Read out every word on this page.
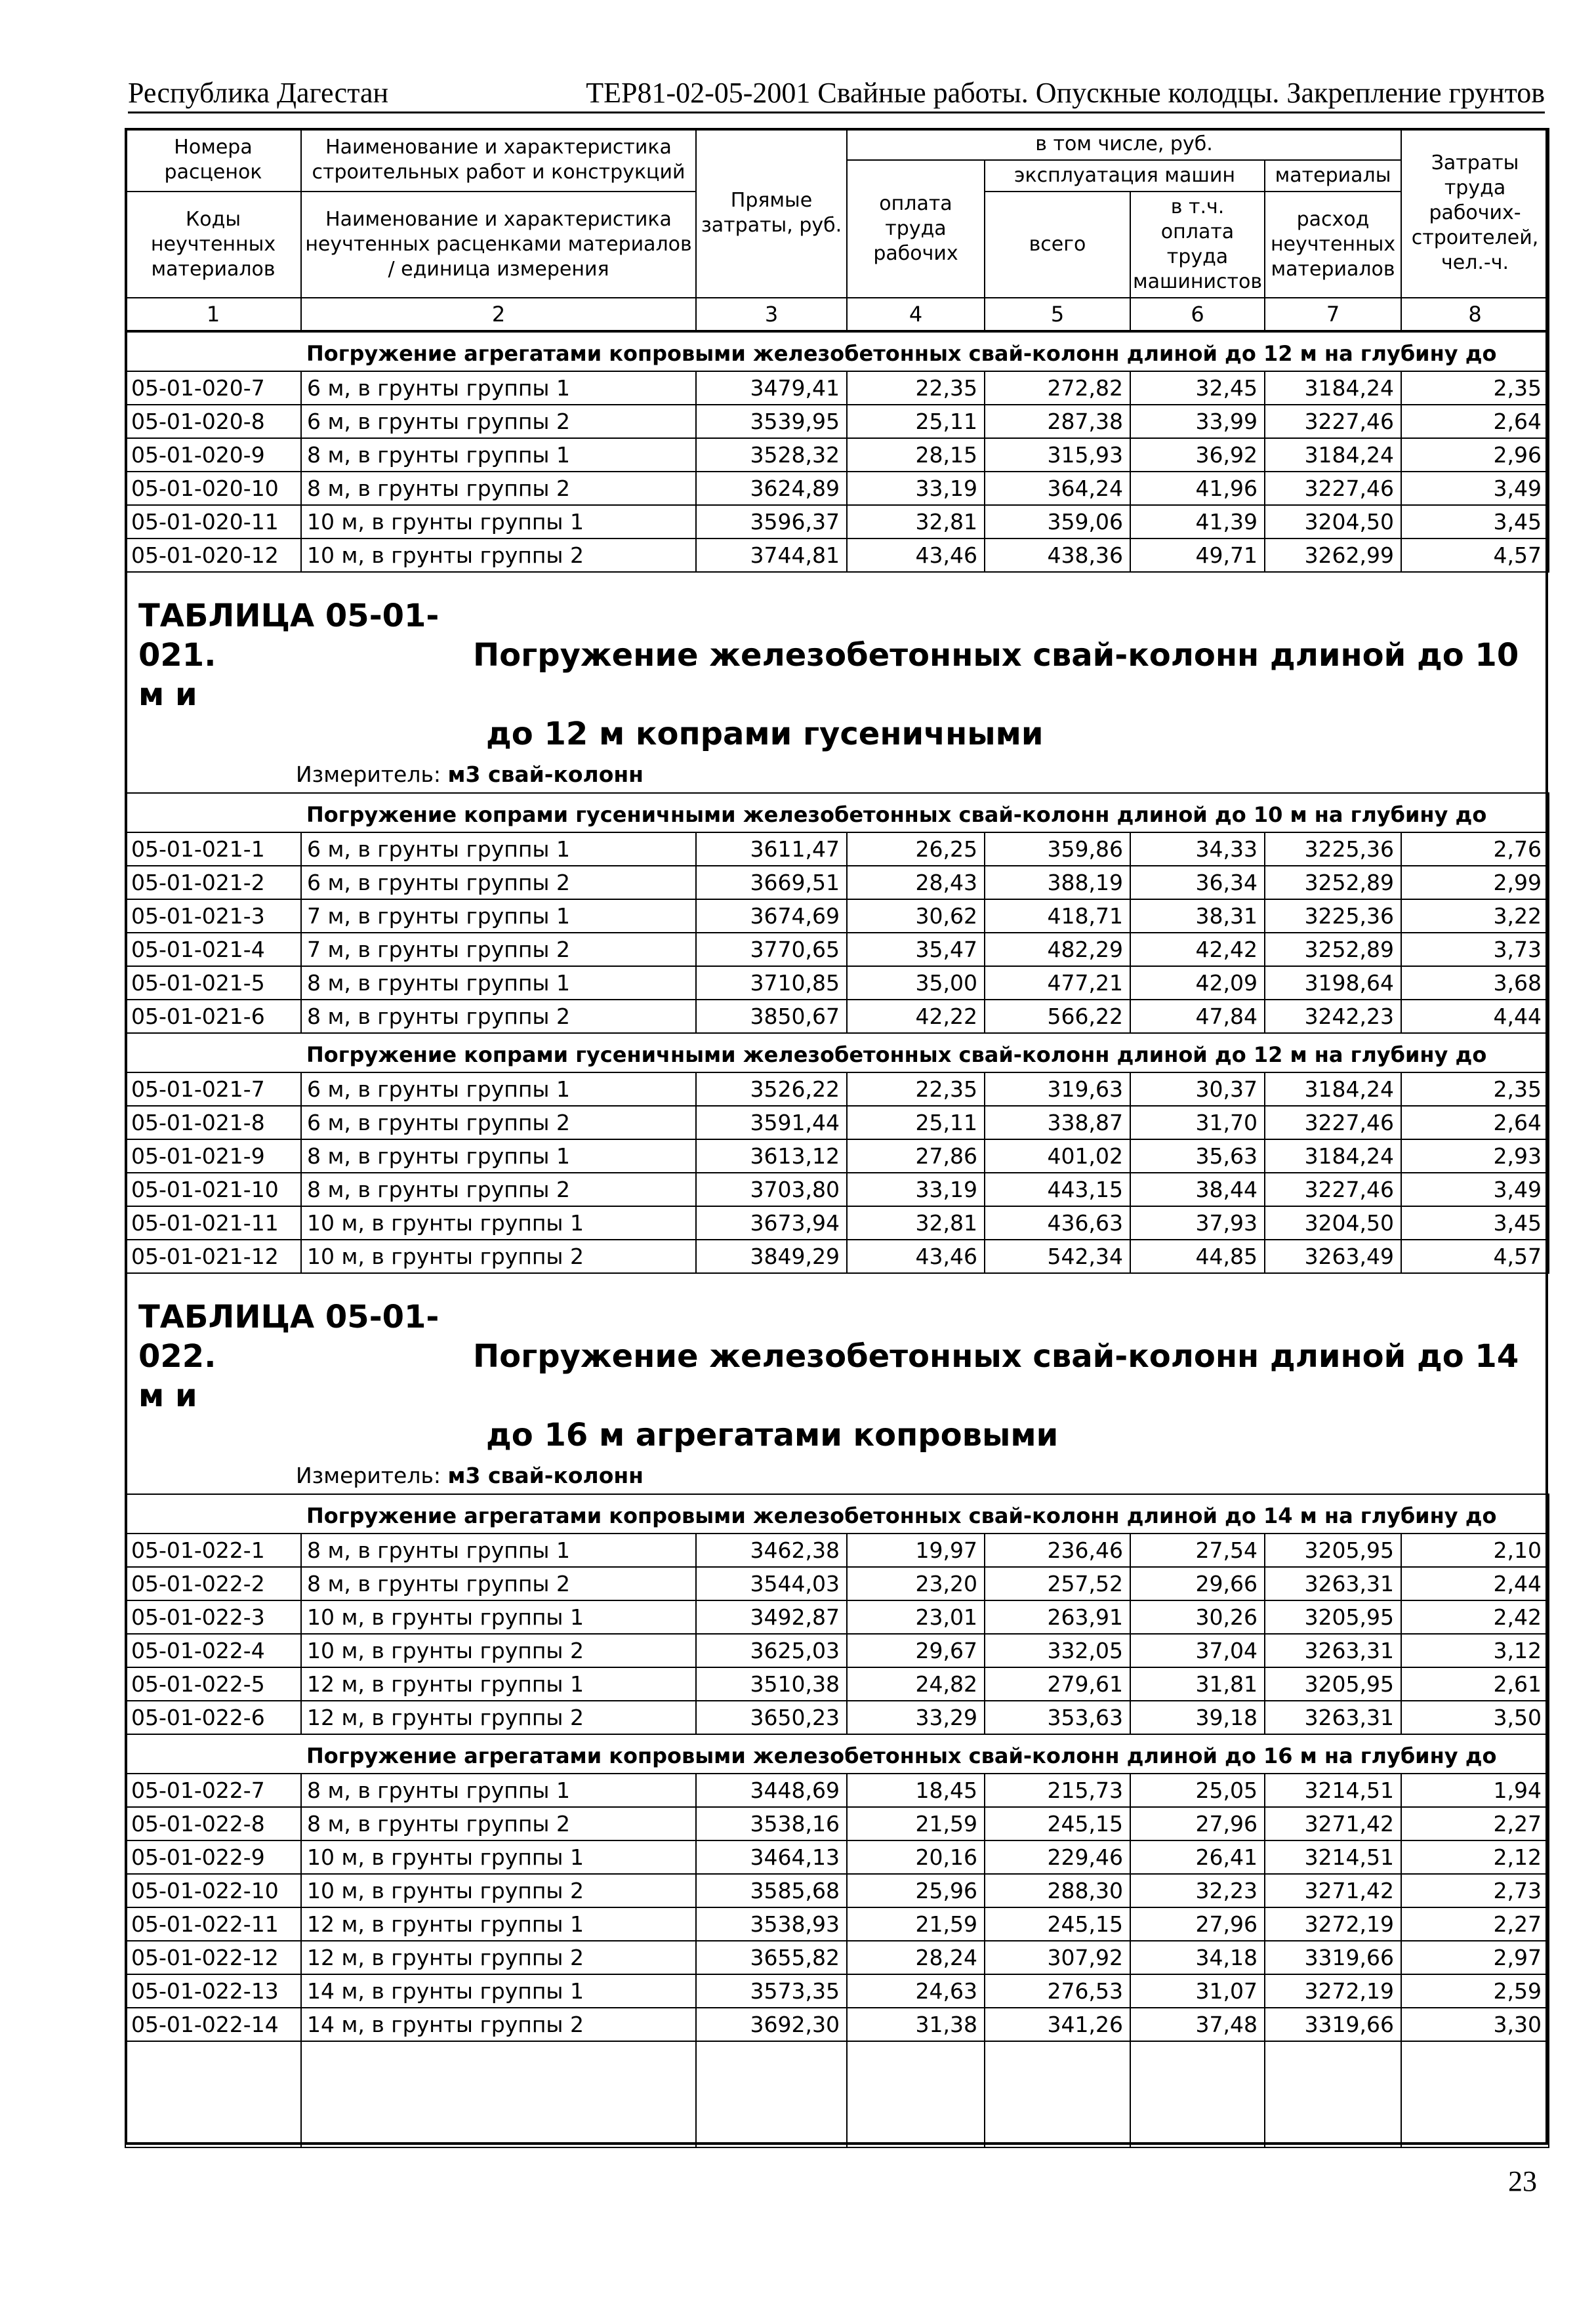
Республика Дагестан	ТЕР81-02-05-2001 Свайные работы. Опускные колодцы. Закрепление грунтов
Номера расценок	Наименование и характеристика строительных работ и конструкций	Прямые затраты, руб.	в том числе, руб.				Затраты труда рабочих-строителей, чел.-ч.
			оплата труда рабочих	эксплуатация машин		материалы	
Коды неучтенных материалов	Наименование и характеристика неучтенных расценками материалов / единица измерения			всего	в т.ч. оплата труда машинистов	расход неучтенных материалов	

1	2	3	4	5	6	7	8
	Погружение агрегатами копровыми железобетонных свай-колонн длиной до 12 м на глубину до						
05-01-020-7	6 м, в грунты группы 1	3479,41	22,35	272,82	32,45	3184,24	2,35
05-01-020-8	6 м, в грунты группы 2	3539,95	25,11	287,38	33,99	3227,46	2,64
05-01-020-9	8 м, в грунты группы 1	3528,32	28,15	315,93	36,92	3184,24	2,96
05-01-020-10	8 м, в грунты группы 2	3624,89	33,19	364,24	41,96	3227,46	3,49
05-01-020-11	10 м, в грунты группы 1	3596,37	32,81	359,06	41,39	3204,50	3,45
05-01-020-12	10 м, в грунты группы 2	3744,81	43,46	438,36	49,71	3262,99	4,57

ТАБЛИЦА 05-01-021. Погружение железобетонных свай-колонн длиной до 10 м и
до 12 м копрами гусеничными
Измеритель: м3 свай-колонн							

	Погружение копрами гусеничными железобетонных свай-колонн длиной до 10 м на глубину до						
05-01-021-1	6 м, в грунты группы 1	3611,47	26,25	359,86	34,33	3225,36	2,76
05-01-021-2	6 м, в грунты группы 2	3669,51	28,43	388,19	36,34	3252,89	2,99
05-01-021-3	7 м, в грунты группы 1	3674,69	30,62	418,71	38,31	3225,36	3,22
05-01-021-4	7 м, в грунты группы 2	3770,65	35,47	482,29	42,42	3252,89	3,73
05-01-021-5	8 м, в грунты группы 1	3710,85	35,00	477,21	42,09	3198,64	3,68
05-01-021-6	8 м, в грунты группы 2	3850,67	42,22	566,22	47,84	3242,23	4,44
	Погружение копрами гусеничными железобетонных свай-колонн длиной до 12 м на глубину до						
05-01-021-7	6 м, в грунты группы 1	3526,22	22,35	319,63	30,37	3184,24	2,35
05-01-021-8	6 м, в грунты группы 2	3591,44	25,11	338,87	31,70	3227,46	2,64
05-01-021-9	8 м, в грунты группы 1	3613,12	27,86	401,02	35,63	3184,24	2,93
05-01-021-10	8 м, в грунты группы 2	3703,80	33,19	443,15	38,44	3227,46	3,49
05-01-021-11	10 м, в грунты группы 1	3673,94	32,81	436,63	37,93	3204,50	3,45
05-01-021-12	10 м, в грунты группы 2	3849,29	43,46	542,34	44,85	3263,49	4,57

ТАБЛИЦА 05-01-022. Погружение железобетонных свай-колонн длиной до 14 м и
до 16 м агрегатами копровыми
Измеритель: м3 свай-колонн							

	Погружение агрегатами копровыми железобетонных свай-колонн длиной до 14 м на глубину до						
05-01-022-1	8 м, в грунты группы 1	3462,38	19,97	236,46	27,54	3205,95	2,10
05-01-022-2	8 м, в грунты группы 2	3544,03	23,20	257,52	29,66	3263,31	2,44
05-01-022-3	10 м, в грунты группы 1	3492,87	23,01	263,91	30,26	3205,95	2,42
05-01-022-4	10 м, в грунты группы 2	3625,03	29,67	332,05	37,04	3263,31	3,12
05-01-022-5	12 м, в грунты группы 1	3510,38	24,82	279,61	31,81	3205,95	2,61
05-01-022-6	12 м, в грунты группы 2	3650,23	33,29	353,63	39,18	3263,31	3,50
	Погружение агрегатами копровыми железобетонных свай-колонн длиной до 16 м на глубину до						
05-01-022-7	8 м, в грунты группы 1	3448,69	18,45	215,73	25,05	3214,51	1,94
05-01-022-8	8 м, в грунты группы 2	3538,16	21,59	245,15	27,96	3271,42	2,27
05-01-022-9	10 м, в грунты группы 1	3464,13	20,16	229,46	26,41	3214,51	2,12
05-01-022-10	10 м, в грунты группы 2	3585,68	25,96	288,30	32,23	3271,42	2,73
05-01-022-11	12 м, в грунты группы 1	3538,93	21,59	245,15	27,96	3272,19	2,27
05-01-022-12	12 м, в грунты группы 2	3655,82	28,24	307,92	34,18	3319,66	2,97
05-01-022-13	14 м, в грунты группы 1	3573,35	24,63	276,53	31,07	3272,19	2,59
05-01-022-14	14 м, в грунты группы 2	3692,30	31,38	341,26	37,48	3319,66	3,30

23
